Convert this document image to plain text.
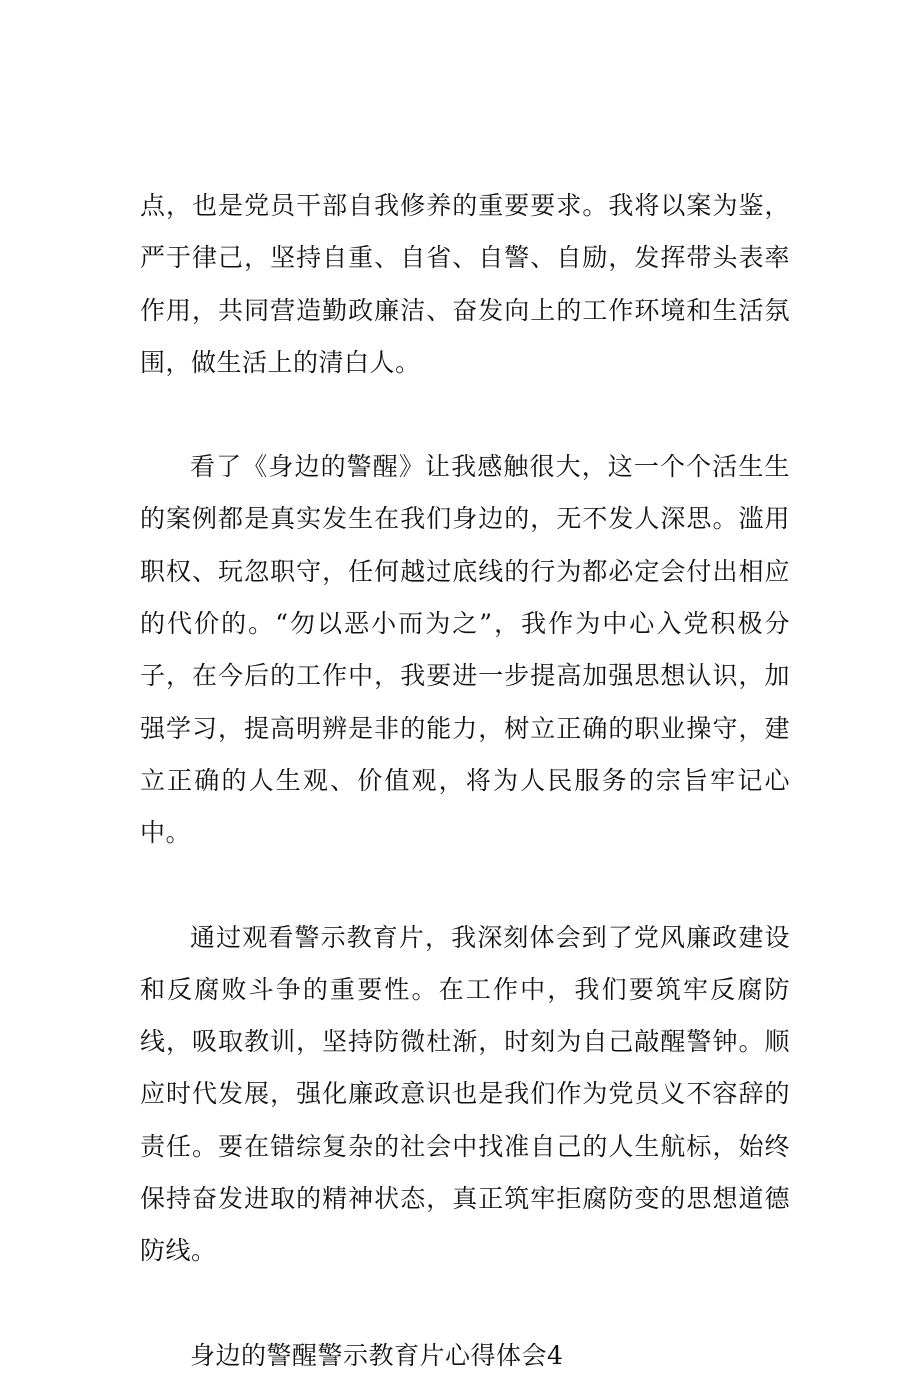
点，也是党员干部自我修养的重要要求。我将以案为鉴，严于律己，坚持自重、自省、自警、自励，发挥带头表率作用，共同营造勤政廉洁、奋发向上的工作环境和生活氛围，做生活上的清白人。

看了《身边的警醒》让我感触很大，这一个个活生生的案例都是真实发生在我们身边的，无不发人深思。滥用职权、玩忽职守，任何越过底线的行为都必定会付出相应的代价的。“勿以恶小而为之”，我作为中心入党积极分子，在今后的工作中，我要进一步提高加强思想认识，加强学习，提高明辨是非的能力，树立正确的职业操守，建立正确的人生观、价值观，将为人民服务的宗旨牢记心中。

通过观看警示教育片，我深刻体会到了党风廉政建设和反腐败斗争的重要性。在工作中，我们要筑牢反腐防线，吸取教训，坚持防微杜渐，时刻为自己敲醒警钟。顺应时代发展，强化廉政意识也是我们作为党员义不容辞的责任。要在错综复杂的社会中找准自己的人生航标，始终保持奋发进取的精神状态，真正筑牢拒腐防变的思想道德防线。

身边的警醒警示教育片心得体会4
